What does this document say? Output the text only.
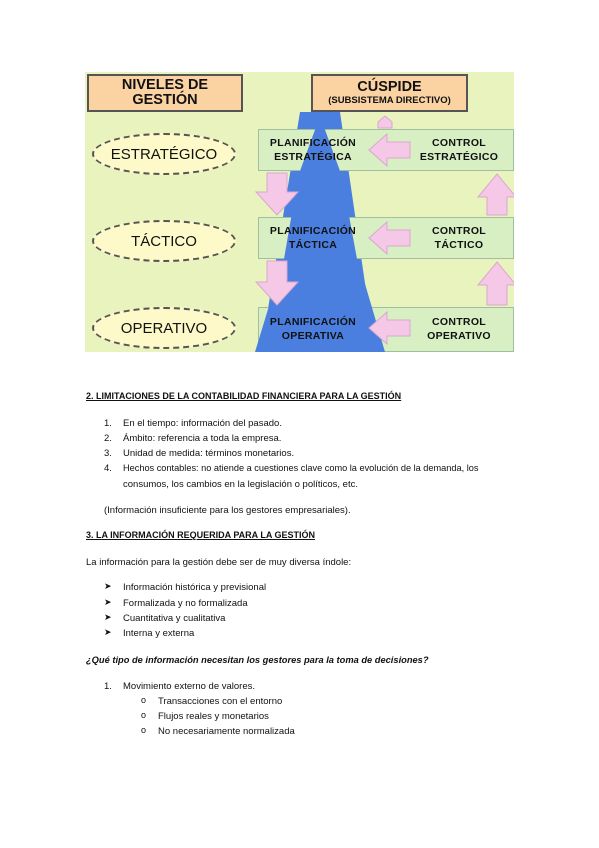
NIVELES DE
GESTIÓN
CÚSPIDE
(SUBSISTEMA DIRECTIVO)
ESTRATÉGICO
TÁCTICO
OPERATIVO
PLANIFICACIÓN
ESTRATÉGICA
PLANIFICACIÓN
TÁCTICA
PLANIFICACIÓN
OPERATIVA
CONTROL
ESTRATÉGICO
CONTROL
TÁCTICO
CONTROL
OPERATIVO
2. LIMITACIONES DE LA CONTABILIDAD FINANCIERA PARA LA GESTIÓN
1. En el tiempo: información del pasado.
2. Ámbito: referencia a toda la empresa.
3. Unidad de medida: términos monetarios.
4. Hechos contables: no atiende a cuestiones clave como la evolución de la demanda, los
consumos, los cambios en la legislación o políticos, etc.
(Información insuficiente para los gestores empresariales).
3. LA INFORMACIÓN REQUERIDA PARA LA GESTIÓN
La información para la gestión debe ser de muy diversa índole:
➤ Información histórica y previsional
➤ Formalizada y no formalizada
➤ Cuantitativa y cualitativa
➤ Interna y externa
¿Qué tipo de información necesitan los gestores para la toma de decisiones?
1. Movimiento externo de valores.
o Transacciones con el entorno
o Flujos reales y monetarios
o No necesariamente normalizada
